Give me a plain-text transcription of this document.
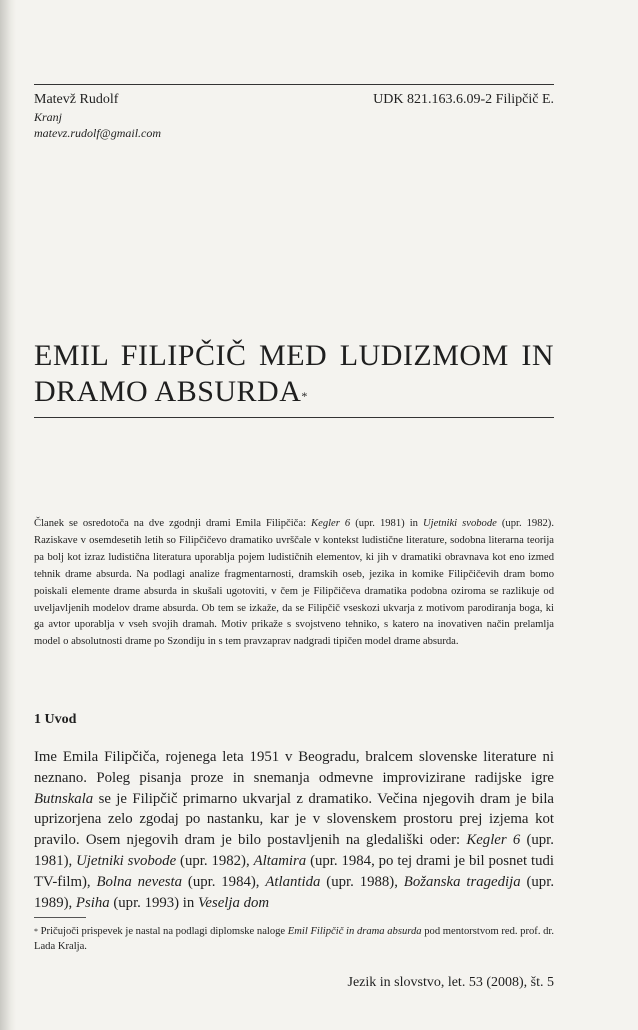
Matevž Rudolf	UDK 821.163.6.09-2 Filipčič E.
Kranj
matevz.rudolf@gmail.com
EMIL FILIPČIČ MED LUDIZMOM IN DRAMO ABSURDA*
Članek se osredotoča na dve zgodnji drami Emila Filipčiča: Kegler 6 (upr. 1981) in Ujetniki svobode (upr. 1982). Raziskave v osemdesetih letih so Filipčičevo dramatiko uvrščale v kontekst ludistične literature, sodobna literarna teorija pa bolj kot izraz ludistična literatura uporablja pojem ludističnih elementov, ki jih v dramatiki obravnava kot eno izmed tehnik drame absurda. Na podlagi analize fragmentarnosti, dramskih oseb, jezika in komike Filipčičevih dram bomo poiskali elemente drame absurda in skušali ugotoviti, v čem je Filipčičeva dramatika podobna oziroma se razlikuje od uveljavljenih modelov drame absurda. Ob tem se izkaže, da se Filipčič vseskozi ukvarja z motivom parodiranja boga, ki ga avtor uporablja v vseh svojih dramah. Motiv prikaže s svojstveno tehniko, s katero na inovativen način prelamlja model o absolutnosti drame po Szondiju in s tem pravzaprav nadgradi tipičen model drame absurda.
1 Uvod
Ime Emila Filipčiča, rojenega leta 1951 v Beogradu, bralcem slovenske literature ni neznano. Poleg pisanja proze in snemanja odmevne improvizirane radijske igre Butnskala se je Filipčič primarno ukvarjal z dramatiko. Večina njegovih dram je bila uprizorjena zelo zgodaj po nastanku, kar je v slovenskem prostoru prej izjema kot pravilo. Osem njegovih dram je bilo postavljenih na gledališki oder: Kegler 6 (upr. 1981), Ujetniki svobode (upr. 1982), Altamira (upr. 1984, po tej drami je bil posnet tudi TV-film), Bolna nevesta (upr. 1984), Atlantida (upr. 1988), Božanska tragedija (upr. 1989), Psiha (upr. 1993) in Veselja dom
* Pričujoči prispevek je nastal na podlagi diplomske naloge Emil Filipčič in drama absurda pod mentorstvom red. prof. dr. Lada Kralja.
Jezik in slovstvo, let. 53 (2008), št. 5
